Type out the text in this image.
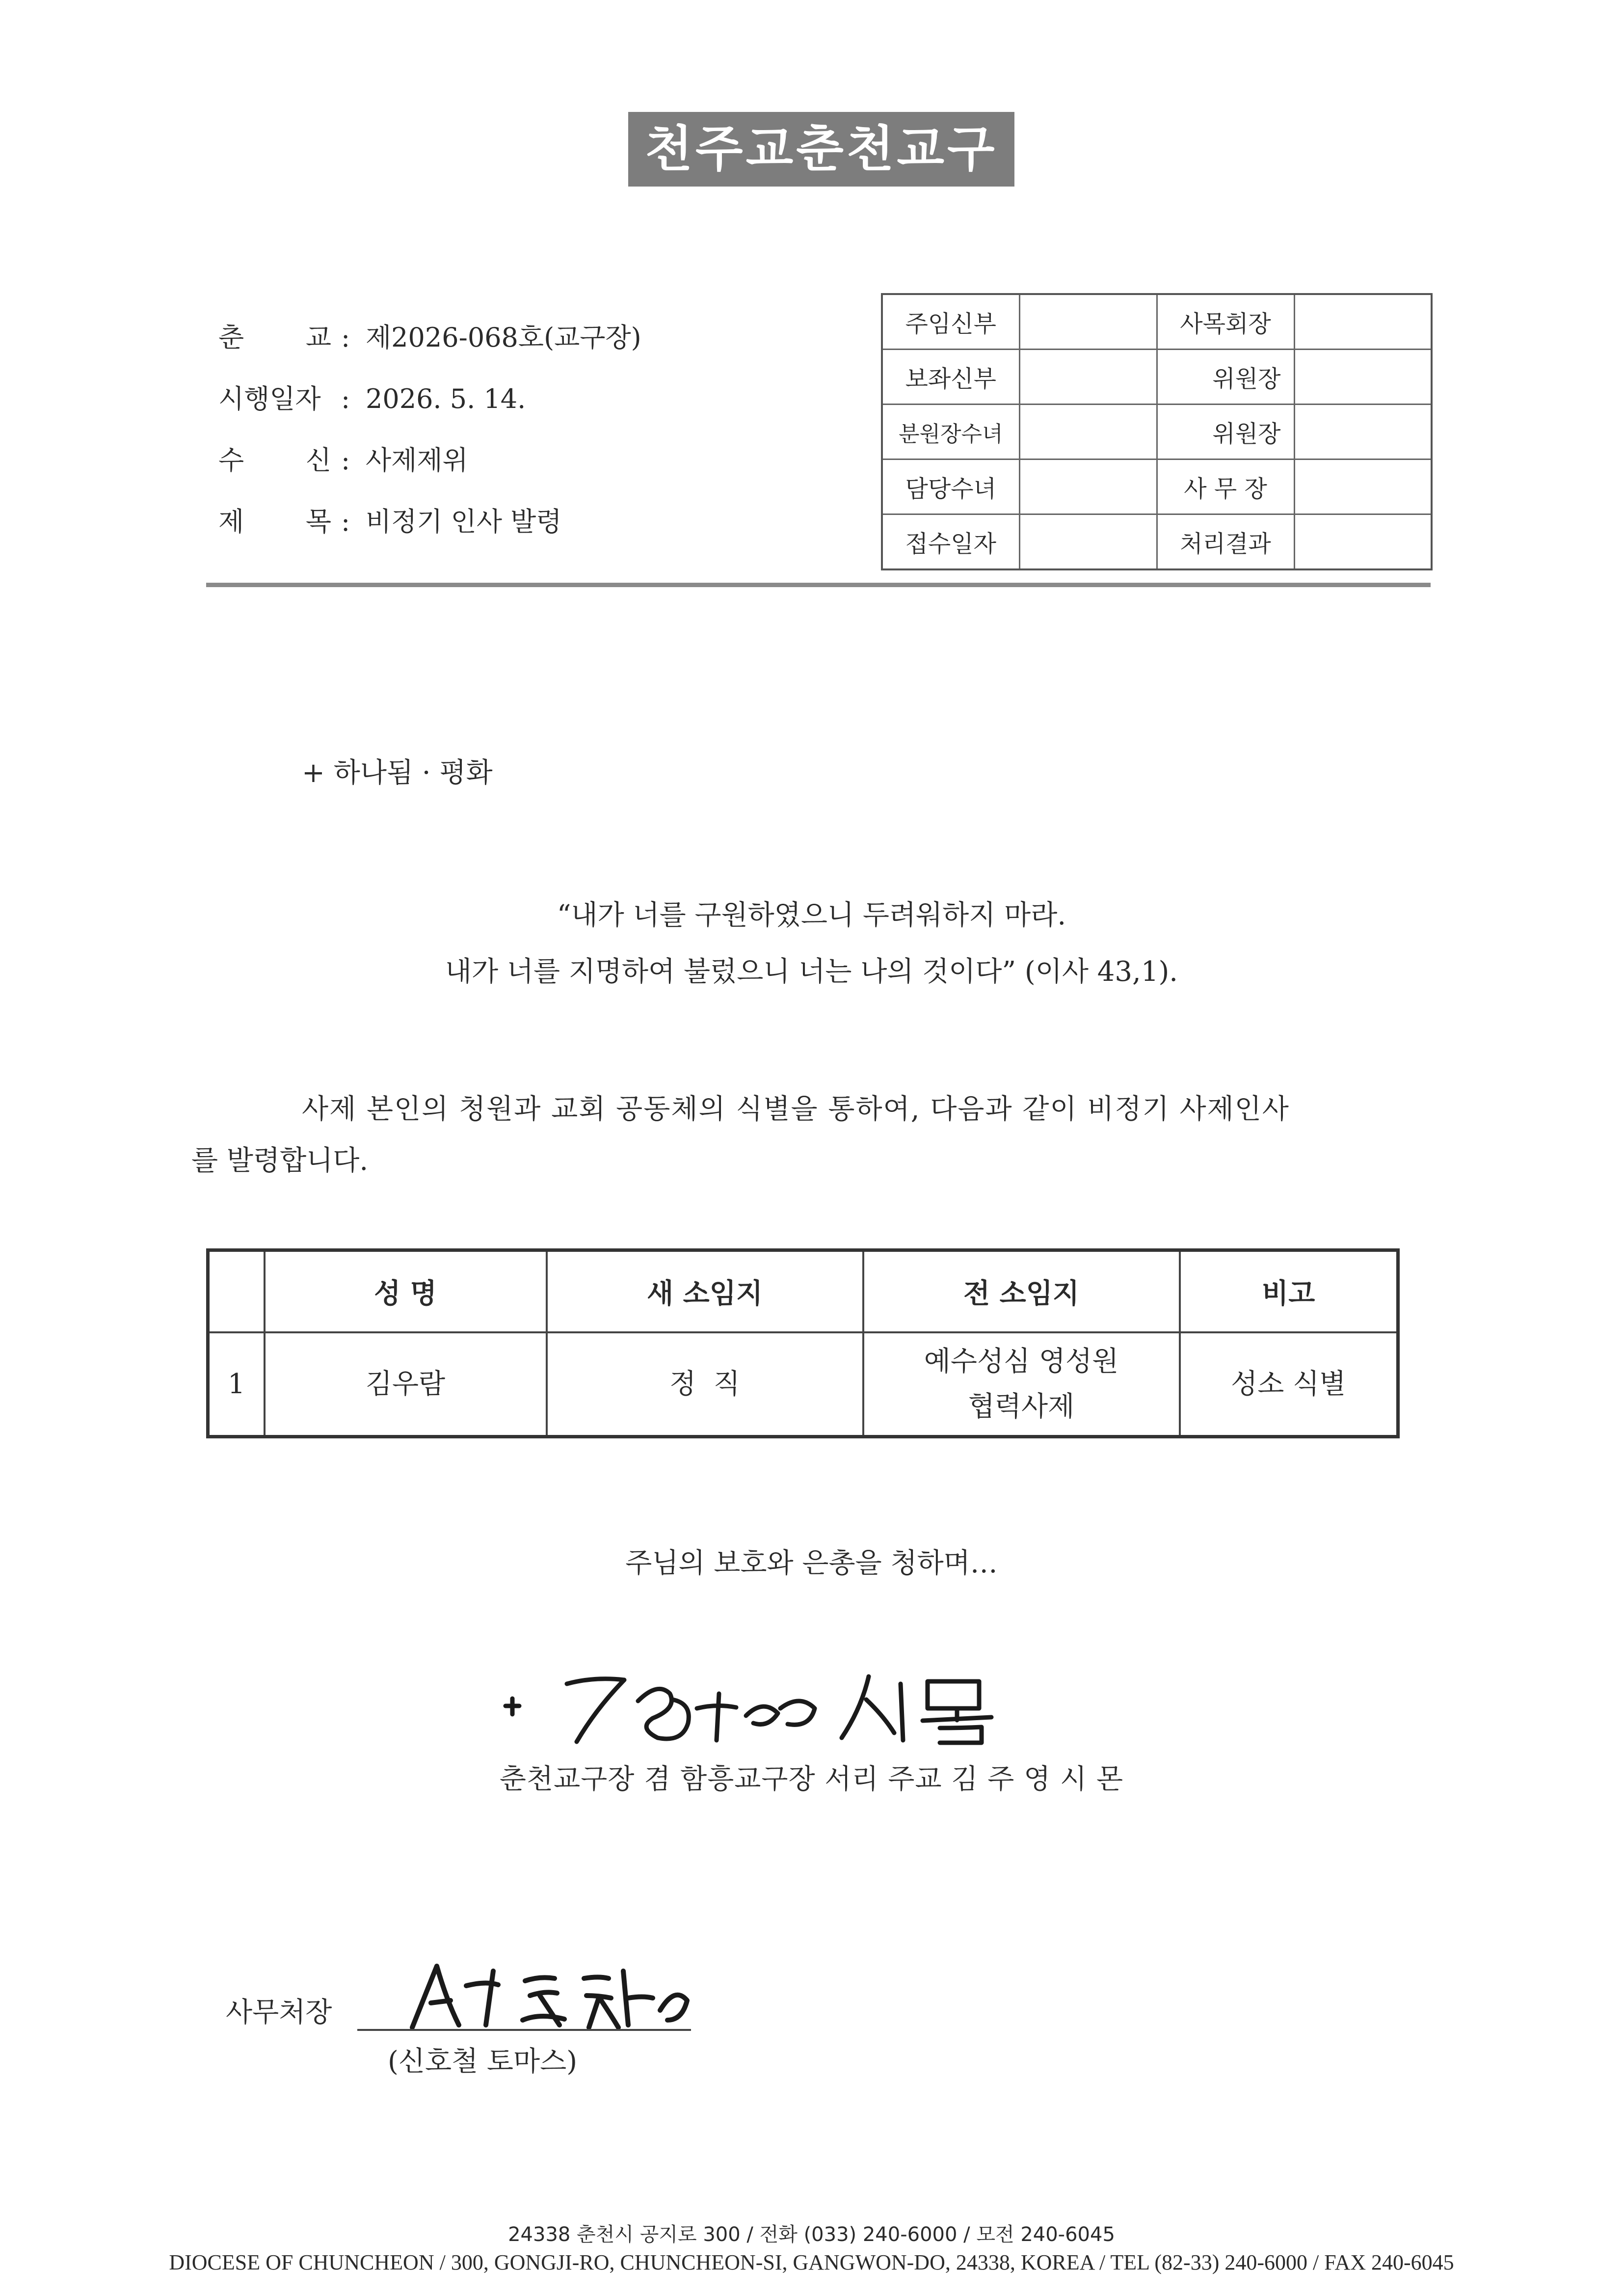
천주교춘천교구
춘 교 : 제2026-068호(교구장)
시행일자 : 2026. 5. 14.
수 신 : 사제제위
제 목 : 비정기 인사 발령
주임신부		사목회장	
보좌신부		위원장	
분원장수녀		위원장	
담당수녀		사 무 장	
접수일자		처리결과	
+ 하나됨 · 평화
“내가 너를 구원하였으니 두려워하지 마라.
내가 너를 지명하여 불렀으니 너는 나의 것이다” (이사 43,1).
사제 본인의 청원과 교회 공동체의 식별을 통하여, 다음과 같이 비정기 사제인사
를 발령합니다.
	성 명	새 소임지	전 소임지	비고
1	김우람	정  직	예수성심 영성원
협력사제	성소 식별
주님의 보호와 은총을 청하며…
춘천교구장 겸 함흥교구장 서리 주교 김 주 영 시 몬
사무처장
(신호철 토마스)
24338 춘천시 공지로 300 / 전화 (033) 240-6000 / 모전 240-6045
DIOCESE OF CHUNCHEON / 300, GONGJI-RO, CHUNCHEON-SI, GANGWON-DO, 24338, KOREA / TEL (82-33) 240-6000 / FAX 240-6045
